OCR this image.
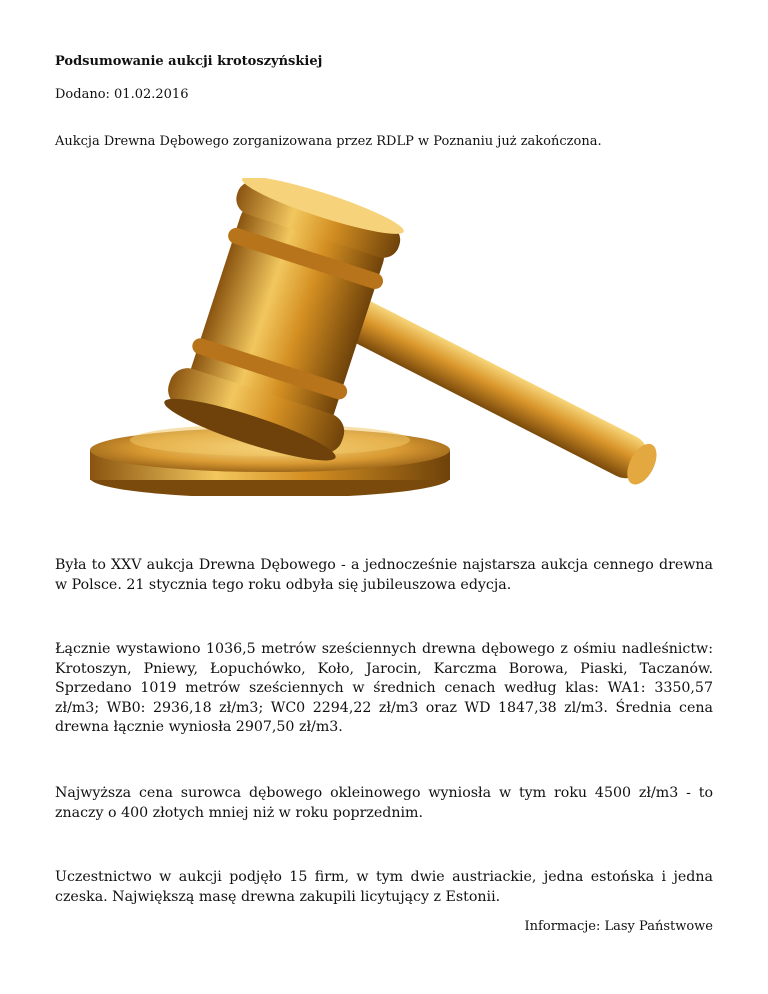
Podsumowanie aukcji krotoszyńskiej
Dodano: 01.02.2016
Aukcja Drewna Dębowego zorganizowana przez RDLP w Poznaniu już zakończona.
Była to XXV aukcja Drewna Dębowego - a jednocześnie najstarsza aukcja cennego drewna w Polsce. 21 stycznia tego roku odbyła się jubileuszowa edycja.
Łącznie wystawiono 1036,5 metrów sześciennych drewna dębowego z ośmiu nadleśnictw: Krotoszyn, Pniewy, Łopuchówko, Koło, Jarocin, Karczma Borowa, Piaski, Taczanów. Sprzedano 1019 metrów sześciennych w średnich cenach według klas: WA1: 3350,57 zł/m3; WB0: 2936,18 zł/m3; WC0 2294,22 zł/m3 oraz WD 1847,38 zl/m3. Średnia cena drewna łącznie wyniosła 2907,50 zł/m3.
Najwyższa cena surowca dębowego okleinowego wyniosła w tym roku 4500 zł/m3 - to znaczy o 400 złotych mniej niż w roku poprzednim.
Uczestnictwo w aukcji podjęło 15 firm, w tym dwie austriackie, jedna estońska i jedna czeska. Największą masę drewna zakupili licytujący z Estonii.
Informacje: Lasy Państwowe
